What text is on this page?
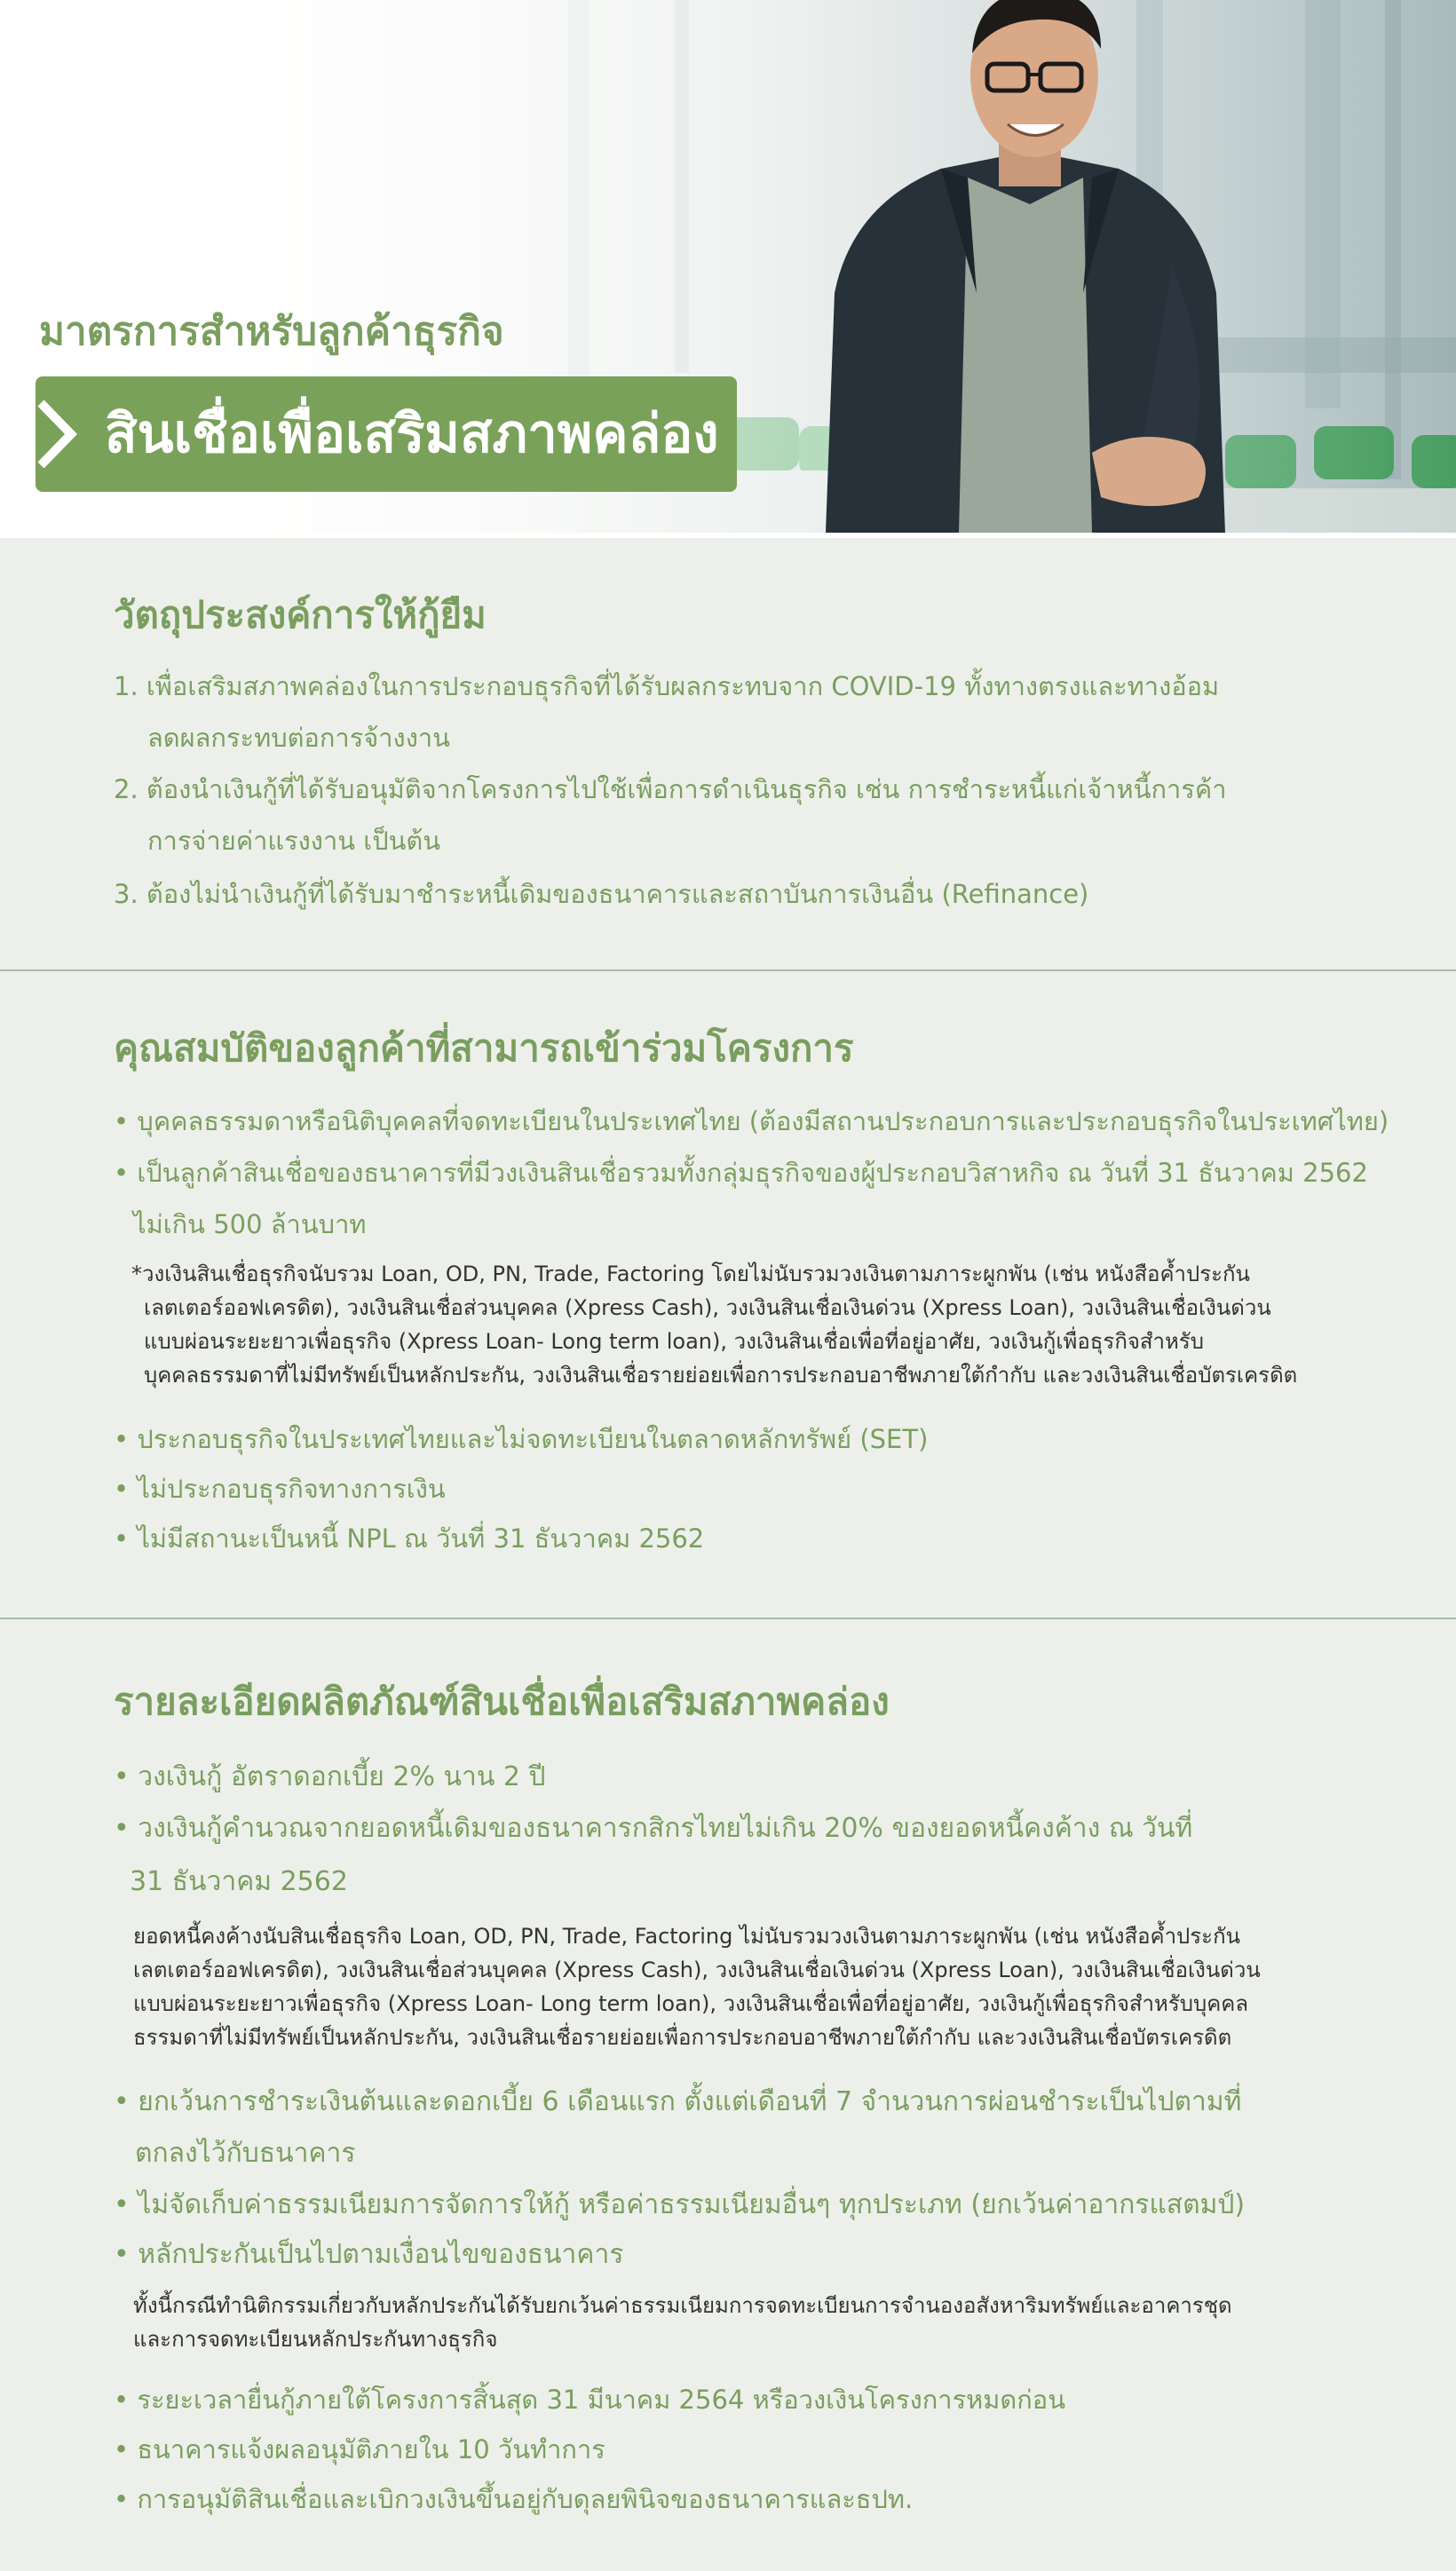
มาตรการสำหรับลูกค้าธุรกิจ
สินเชื่อเพื่อเสริมสภาพคล่อง
วัตถุประสงค์การให้กู้ยืม

1. เพื่อเสริมสภาพคล่องในการประกอบธุรกิจที่ได้รับผลกระทบจาก COVID-19 ทั้งทางตรงและทางอ้อม

ลดผลกระทบต่อการจ้างงาน

2. ต้องนำเงินกู้ที่ได้รับอนุมัติจากโครงการไปใช้เพื่อการดำเนินธุรกิจ เช่น การชำระหนี้แก่เจ้าหนี้การค้า

การจ่ายค่าแรงงาน เป็นต้น

3. ต้องไม่นำเงินกู้ที่ได้รับมาชำระหนี้เดิมของธนาคารและสถาบันการเงินอื่น (Refinance)

คุณสมบัติของลูกค้าที่สามารถเข้าร่วมโครงการ

• บุคคลธรรมดาหรือนิติบุคคลที่จดทะเบียนในประเทศไทย (ต้องมีสถานประกอบการและประกอบธุรกิจในประเทศไทย)

• เป็นลูกค้าสินเชื่อของธนาคารที่มีวงเงินสินเชื่อรวมทั้งกลุ่มธุรกิจของผู้ประกอบวิสาหกิจ ณ วันที่ 31 ธันวาคม 2562

ไม่เกิน 500 ล้านบาท

*วงเงินสินเชื่อธุรกิจนับรวม Loan, OD, PN, Trade, Factoring โดยไม่นับรวมวงเงินตามภาระผูกพัน (เช่น หนังสือค้ำประกัน

เลตเตอร์ออฟเครดิต), วงเงินสินเชื่อส่วนบุคคล (Xpress Cash), วงเงินสินเชื่อเงินด่วน (Xpress Loan), วงเงินสินเชื่อเงินด่วน

แบบผ่อนระยะยาวเพื่อธุรกิจ (Xpress Loan- Long term loan), วงเงินสินเชื่อเพื่อที่อยู่อาศัย, วงเงินกู้เพื่อธุรกิจสำหรับ

บุคคลธรรมดาที่ไม่มีทรัพย์เป็นหลักประกัน, วงเงินสินเชื่อรายย่อยเพื่อการประกอบอาชีพภายใต้กำกับ และวงเงินสินเชื่อบัตรเครดิต

• ประกอบธุรกิจในประเทศไทยและไม่จดทะเบียนในตลาดหลักทรัพย์ (SET)

• ไม่ประกอบธุรกิจทางการเงิน

• ไม่มีสถานะเป็นหนี้ NPL ณ วันที่ 31 ธันวาคม 2562

รายละเอียดผลิตภัณฑ์สินเชื่อเพื่อเสริมสภาพคล่อง

• วงเงินกู้ อัตราดอกเบี้ย 2% นาน 2 ปี

• วงเงินกู้คำนวณจากยอดหนี้เดิมของธนาคารกสิกรไทยไม่เกิน 20% ของยอดหนี้คงค้าง ณ วันที่

31 ธันวาคม 2562

ยอดหนี้คงค้างนับสินเชื่อธุรกิจ Loan, OD, PN, Trade, Factoring ไม่นับรวมวงเงินตามภาระผูกพัน (เช่น หนังสือค้ำประกัน

เลตเตอร์ออฟเครดิต), วงเงินสินเชื่อส่วนบุคคล (Xpress Cash), วงเงินสินเชื่อเงินด่วน (Xpress Loan), วงเงินสินเชื่อเงินด่วน

แบบผ่อนระยะยาวเพื่อธุรกิจ (Xpress Loan- Long term loan), วงเงินสินเชื่อเพื่อที่อยู่อาศัย, วงเงินกู้เพื่อธุรกิจสำหรับบุคคล

ธรรมดาที่ไม่มีทรัพย์เป็นหลักประกัน, วงเงินสินเชื่อรายย่อยเพื่อการประกอบอาชีพภายใต้กำกับ และวงเงินสินเชื่อบัตรเครดิต

• ยกเว้นการชำระเงินต้นและดอกเบี้ย 6 เดือนแรก ตั้งแต่เดือนที่ 7 จำนวนการผ่อนชำระเป็นไปตามที่

ตกลงไว้กับธนาคาร

• ไม่จัดเก็บค่าธรรมเนียมการจัดการให้กู้ หรือค่าธรรมเนียมอื่นๆ ทุกประเภท (ยกเว้นค่าอากรแสตมป์)

• หลักประกันเป็นไปตามเงื่อนไขของธนาคาร

ทั้งนี้กรณีทำนิติกรรมเกี่ยวกับหลักประกันได้รับยกเว้นค่าธรรมเนียมการจดทะเบียนการจำนองอสังหาริมทรัพย์และอาคารชุด

และการจดทะเบียนหลักประกันทางธุรกิจ

• ระยะเวลายื่นกู้ภายใต้โครงการสิ้นสุด 31 มีนาคม 2564 หรือวงเงินโครงการหมดก่อน

• ธนาคารแจ้งผลอนุมัติภายใน 10 วันทำการ

• การอนุมัติสินเชื่อและเบิกวงเงินขึ้นอยู่กับดุลยพินิจของธนาคารและธปท.
